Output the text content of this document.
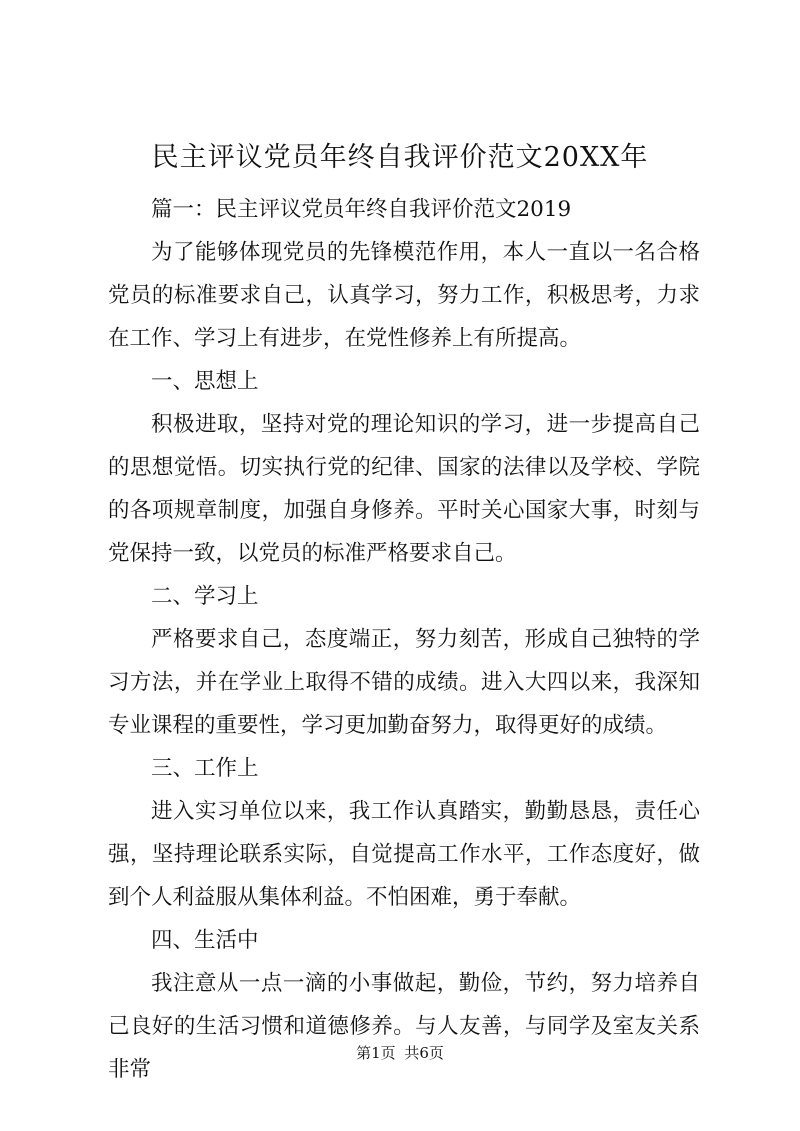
民主评议党员年终自我评价范文20XX年

篇一：民主评议党员年终自我评价范文2019

为了能够体现党员的先锋模范作用，本人一直以一名合格党员的标准要求自己，认真学习，努力工作，积极思考，力求在工作、学习上有进步，在党性修养上有所提高。

一、思想上

积极进取，坚持对党的理论知识的学习，进一步提高自己的思想觉悟。切实执行党的纪律、国家的法律以及学校、学院的各项规章制度，加强自身修养。平时关心国家大事，时刻与党保持一致，以党员的标准严格要求自己。

二、学习上

严格要求自己，态度端正，努力刻苦，形成自己独特的学习方法，并在学业上取得不错的成绩。进入大四以来，我深知专业课程的重要性，学习更加勤奋努力，取得更好的成绩。

三、工作上

进入实习单位以来，我工作认真踏实，勤勤恳恳，责任心强，坚持理论联系实际，自觉提高工作水平，工作态度好，做到个人利益服从集体利益。不怕困难，勇于奉献。

四、生活中

我注意从一点一滴的小事做起，勤俭，节约，努力培养自己良好的生活习惯和道德修养。与人友善，与同学及室友关系非常

第1页 共6页
